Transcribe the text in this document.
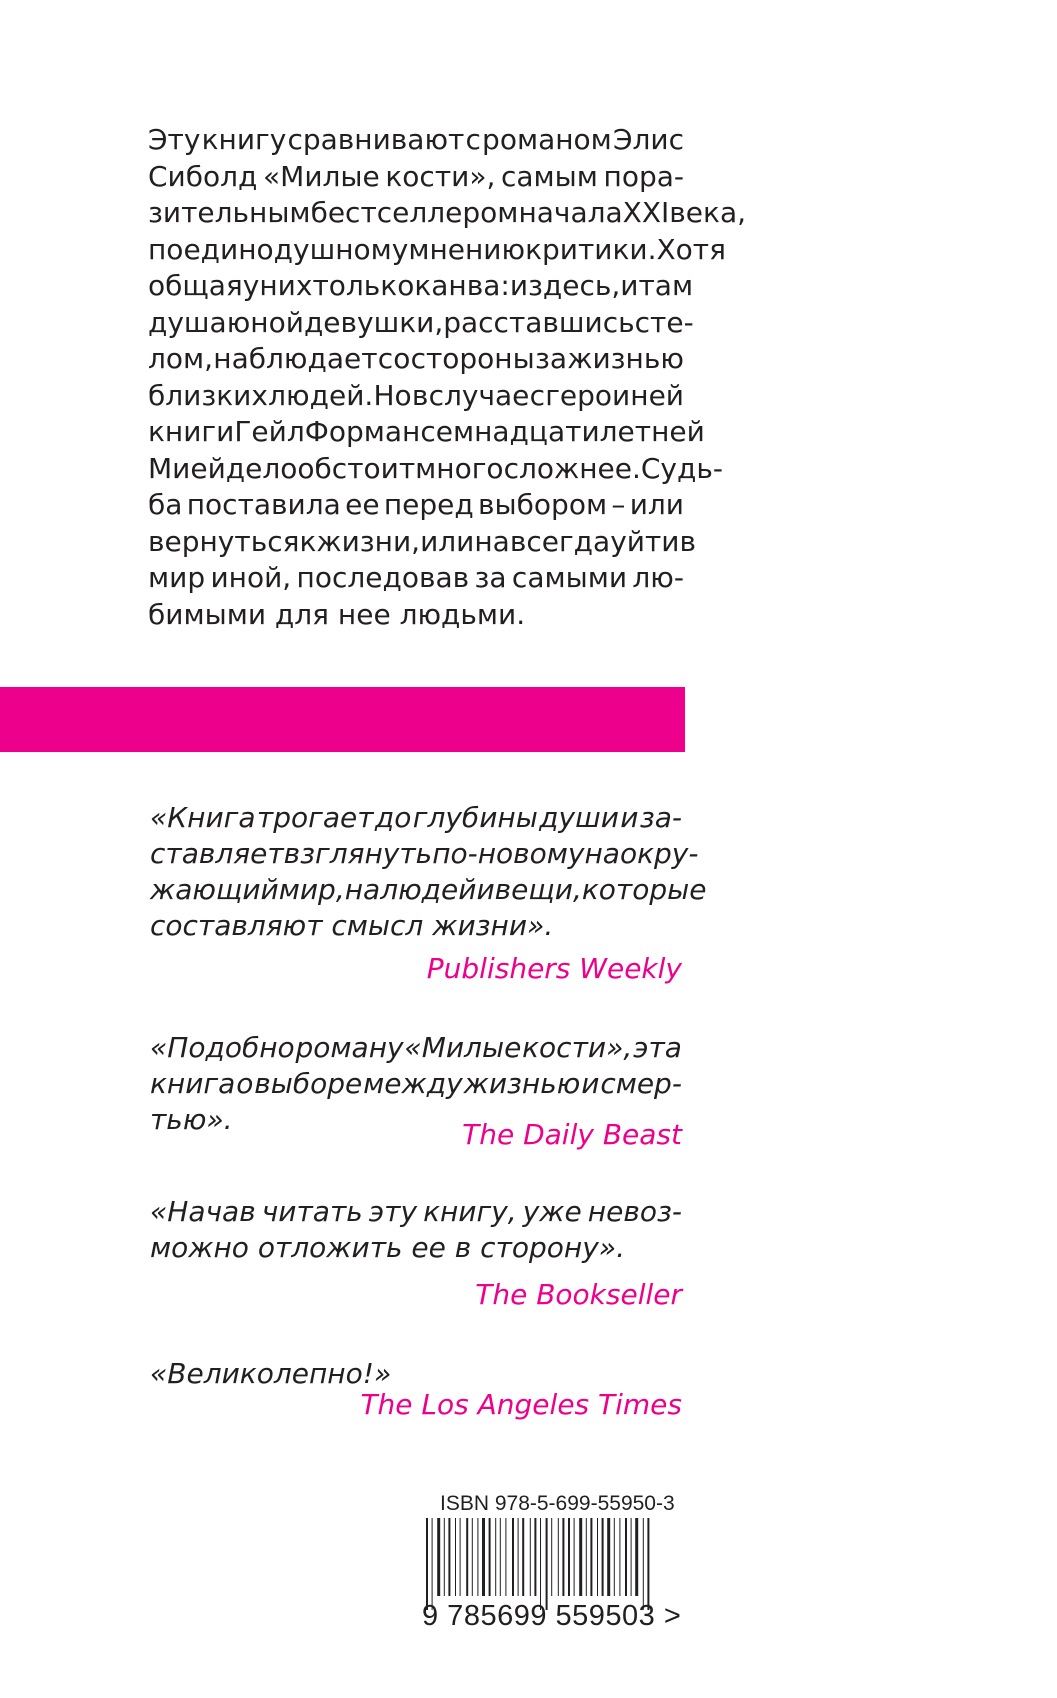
Эту книгу сравнивают с романом Элис
Сиболд «Милые кости», самым пора-
зительным бестселлером начала XXI века,
по единодушному мнению критики. Хотя
общая у них только канва: и здесь, и там
душа юной девушки, расставшись с те-
лом, наблюдает со стороны за жизнью
близких людей. Но в случае с героиней
книги Гейл Форман семнадцатилетней
Мией дело обстоит много сложнее. Судь-
ба поставила ее перед выбором – или
вернуться к жизни, или навсегда уйти в
мир иной, последовав за самыми лю-
бимыми для нее людьми.
«Книга трогает до глубины души и за-
ставляет взглянуть по-новому на окру-
жающий мир, на людей и вещи, которые
составляют смысл жизни».
Publishers Weekly
«Подобно роману «Милые кости», эта
книга о выборе между жизнью и смер-
тью».	The Daily Beast
«Начав читать эту книгу, уже невоз-
можно отложить ее в сторону».
The Bookseller
«Великолепно!»
The Los Angeles Times
ISBN 978-5-699-55950-3
9 785699 559503 >
